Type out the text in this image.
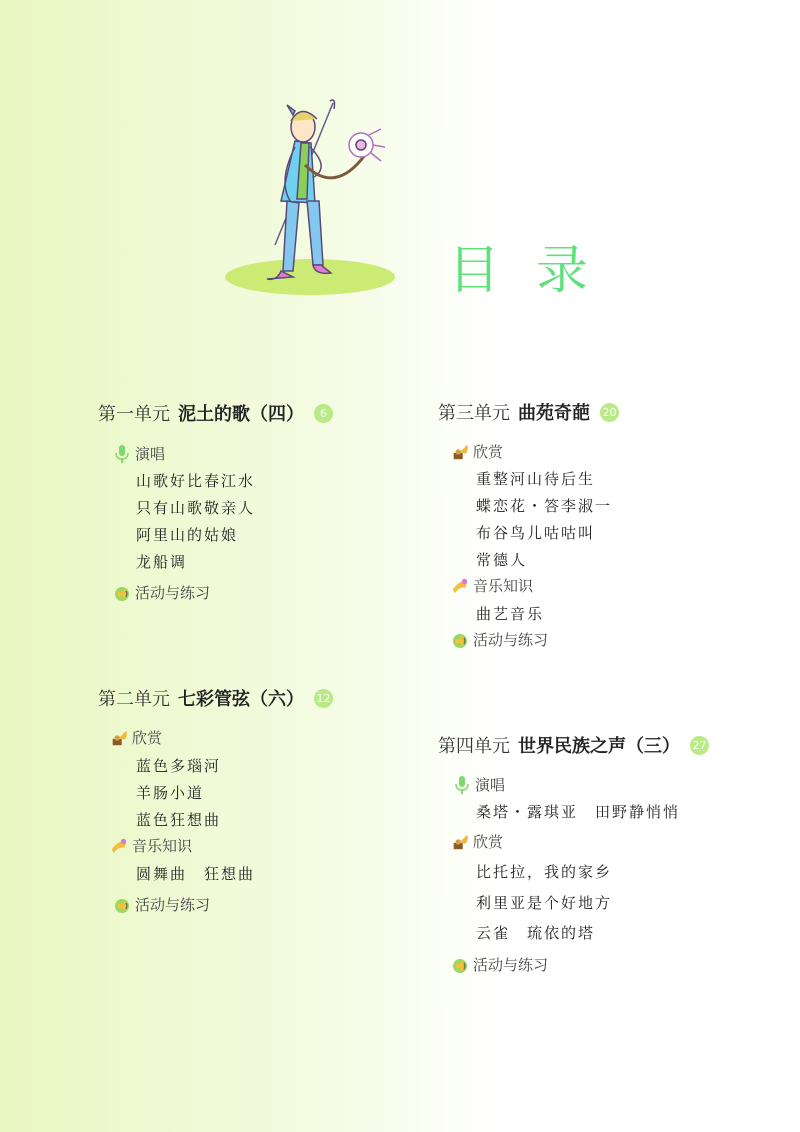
目录
第一单元 泥土的歌（四）	6
演唱
山歌好比春江水
只有山歌敬亲人
阿里山的姑娘
龙船调
活动与练习
第二单元 七彩管弦（六） 12
欣赏
蓝色多瑙河
羊肠小道
蓝色狂想曲
音乐知识
圆舞曲　狂想曲
活动与练习
第三单元 曲苑奇葩 20
欣赏
重整河山待后生
蝶恋花・答李淑一
布谷鸟儿咕咕叫
常德人
音乐知识
曲艺音乐
活动与练习
第四单元 世界民族之声（三） 27
演唱
桑塔・露琪亚　田野静悄悄
欣赏
比托拉，我的家乡
利里亚是个好地方
云雀　琉依的塔
活动与练习
